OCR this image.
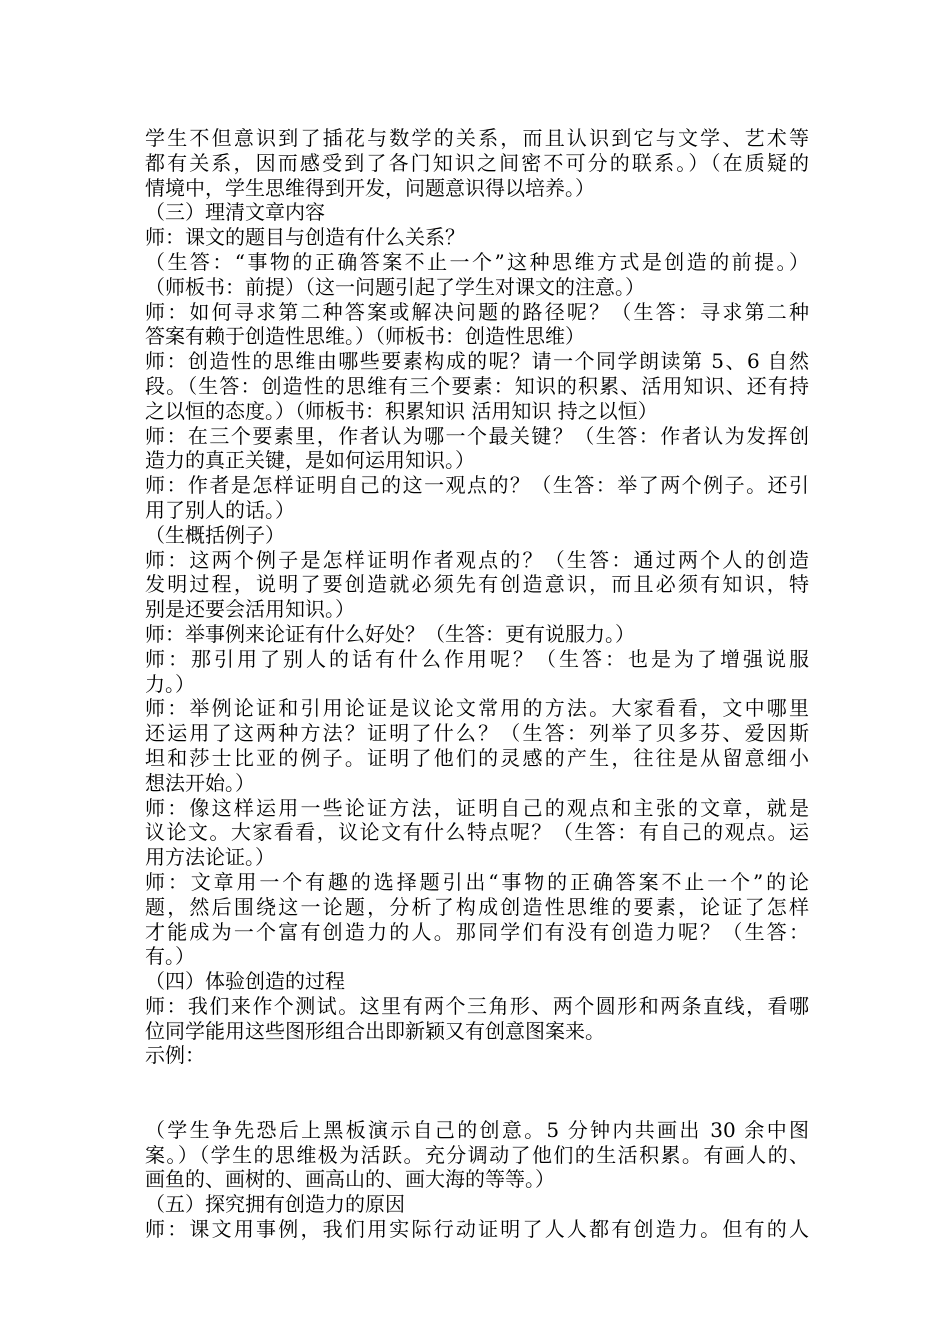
学生不但意识到了插花与数学的关系，而且认识到它与文学、艺术等
都有关系，因而感受到了各门知识之间密不可分的联系。）（在质疑的
情境中，学生思维得到开发，问题意识得以培养。）
（三）理清文章内容
师：课文的题目与创造有什么关系？
（生答：“事物的正确答案不止一个”这种思维方式是创造的前提。）
（师板书：前提）（这一问题引起了学生对课文的注意。）
师：如何寻求第二种答案或解决问题的路径呢？（生答：寻求第二种
答案有赖于创造性思维。）（师板书：创造性思维）
师：创造性的思维由哪些要素构成的呢？请一个同学朗读第 5、6 自然
段。（生答：创造性的思维有三个要素：知识的积累、活用知识、还有持
之以恒的态度。）（师板书：积累知识 活用知识 持之以恒）
师：在三个要素里，作者认为哪一个最关键？（生答：作者认为发挥创
造力的真正关键，是如何运用知识。）
师：作者是怎样证明自己的这一观点的？（生答：举了两个例子。还引
用了别人的话。）
（生概括例子）
师：这两个例子是怎样证明作者观点的？（生答：通过两个人的创造
发明过程，说明了要创造就必须先有创造意识，而且必须有知识，特
别是还要会活用知识。）
师：举事例来论证有什么好处？（生答：更有说服力。）
师：那引用了别人的话有什么作用呢？（生答：也是为了增强说服
力。）
师：举例论证和引用论证是议论文常用的方法。大家看看，文中哪里
还运用了这两种方法？证明了什么？（生答：列举了贝多芬、爱因斯
坦和莎士比亚的例子。证明了他们的灵感的产生，往往是从留意细小
想法开始。）
师：像这样运用一些论证方法，证明自己的观点和主张的文章，就是
议论文。大家看看，议论文有什么特点呢？（生答：有自己的观点。运
用方法论证。）
师：文章用一个有趣的选择题引出“事物的正确答案不止一个”的论
题，然后围绕这一论题，分析了构成创造性思维的要素，论证了怎样
才能成为一个富有创造力的人。那同学们有没有创造力呢？（生答：
有。）
（四）体验创造的过程
师：我们来作个测试。这里有两个三角形、两个圆形和两条直线，看哪
位同学能用这些图形组合出即新颖又有创意图案来。
示例：
（学生争先恐后上黑板演示自己的创意。5 分钟内共画出 30 余中图
案。）（学生的思维极为活跃。充分调动了他们的生活积累。有画人的、
画鱼的、画树的、画高山的、画大海的等等。）
（五）探究拥有创造力的原因
师：课文用事例，我们用实际行动证明了人人都有创造力。但有的人
